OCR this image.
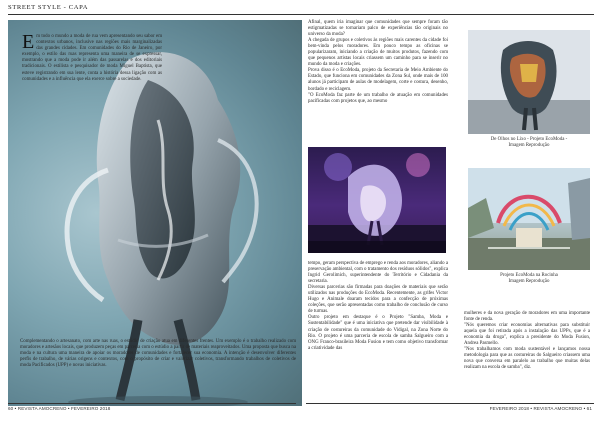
STREET STYLE - CAPA
Em todo o mundo a moda de rua vem apresentando seu sabor em contextos urbanos, inclusive nas regiões mais marginalizadas das grandes cidades. Em comunidades do Rio de Janeiro, por exemplo, o estilo das ruas representa uma maneira de se expressar, mostrando que a moda pode ir além das passarelas e dos editoriais tradicionais. O estilista e pesquisador de moda Miguel Baptista, que esteve registrando em sua lente, conta a história dessa ligação com as comunidades e a influência que ela exerce sobre a sociedade.
Complementando o artesanato, com arte nas ruas, o estúdio de criação atua em diferentes frentes. Um exemplo é o trabalho realizado com moradores e artesãos locais, que produzem peças em parceria com o estúdio a partir de materiais reaproveitados. Uma proposta que busca na moda e na cultura uma maneira de apoiar os moradores de comunidades e fortalecer sua economia. A intenção é desenvolver diferentes perfis de trabalho, de várias origens e contextos, com o propósito de criar e valorizar coletivos, transformando trabalhos de coletivos de moda Pacificados (UPP) e novas iniciativas.

Afinal, quem iria imaginar que comunidades que sempre foram tão estigmatizadas se tornariam palco de experiências tão originais no universo da moda?

A chegada de grupos e coletivos às regiões mais carentes da cidade foi bem-vinda pelos moradores. Em pouco tempo as oficinas se popularizaram, iniciando a criação de muitos produtos, fazendo com que pequenos artistas locais criassem um caminho para se inserir no mundo da moda e criações.

Prova disso é o EcoModa, projeto da Secretaria de Meio Ambiente do Estado, que funciona em comunidades da Zona Sul, onde mais de 100 alunos já participam de aulas de modelagem, corte e costura, desenho, bordado e reciclagem.

"O EcoModa faz parte de um trabalho de atuação em comunidades pacificadas com projetos que, ao mesmo

tempo, geram perspectiva de emprego e renda aos moradores, aliando a preservação ambiental, com o tratamento dos resíduos sólidos", explica Ingrid Gerolimich, superintendente do Território e Cidadania da secretaria.

Diversas parcerias são firmadas para doações de materiais que serão utilizados nas produções do EcoModa. Recentemente, as grifes Victor Hugo e Animale doaram tecidos para a confecção de próximas coleções, que serão apresentadas como trabalho de conclusão de curso de turmas.

Outro projeto em destaque é o Projeto "Samba, Moda e Sustentabilidade" que é uma iniciativa que pretende dar visibilidade à criação de costureiras da comunidade do Vidigal, na Zona Norte do Rio. O projeto é uma parceria de escola de samba Salgueiro com a ONG Franco-brasileira Moda Fusion e tem como objetivo transformar a criatividade das

De Olhos no Lixo - Projeto EcoModa -
Imagem Reprodução
Projeto EcoModa na Rocinha
Imagem Reprodução

mulheres e da nova geração de moradores em uma importante fonte de renda.

"Nós queremos criar economias alternativas para substituir aquela que foi retirada após a instalação das UPPs, que é a economia da droga", explica a presidente do Moda Fusion, Andrea Pasmello.

"Nos trabalhamos com moda sustentável e lançamos nossa metodologia para que as costureiras do Salgueiro criassem uma nova que conversa em paralelo ao trabalho que muitas delas realizam na escola de samba", diz.

60 • REVISTA AMOCRENO • FEVEREIRO 2018	FEVEREIRO 2018 • REVISTA AMOCRENO • 61
